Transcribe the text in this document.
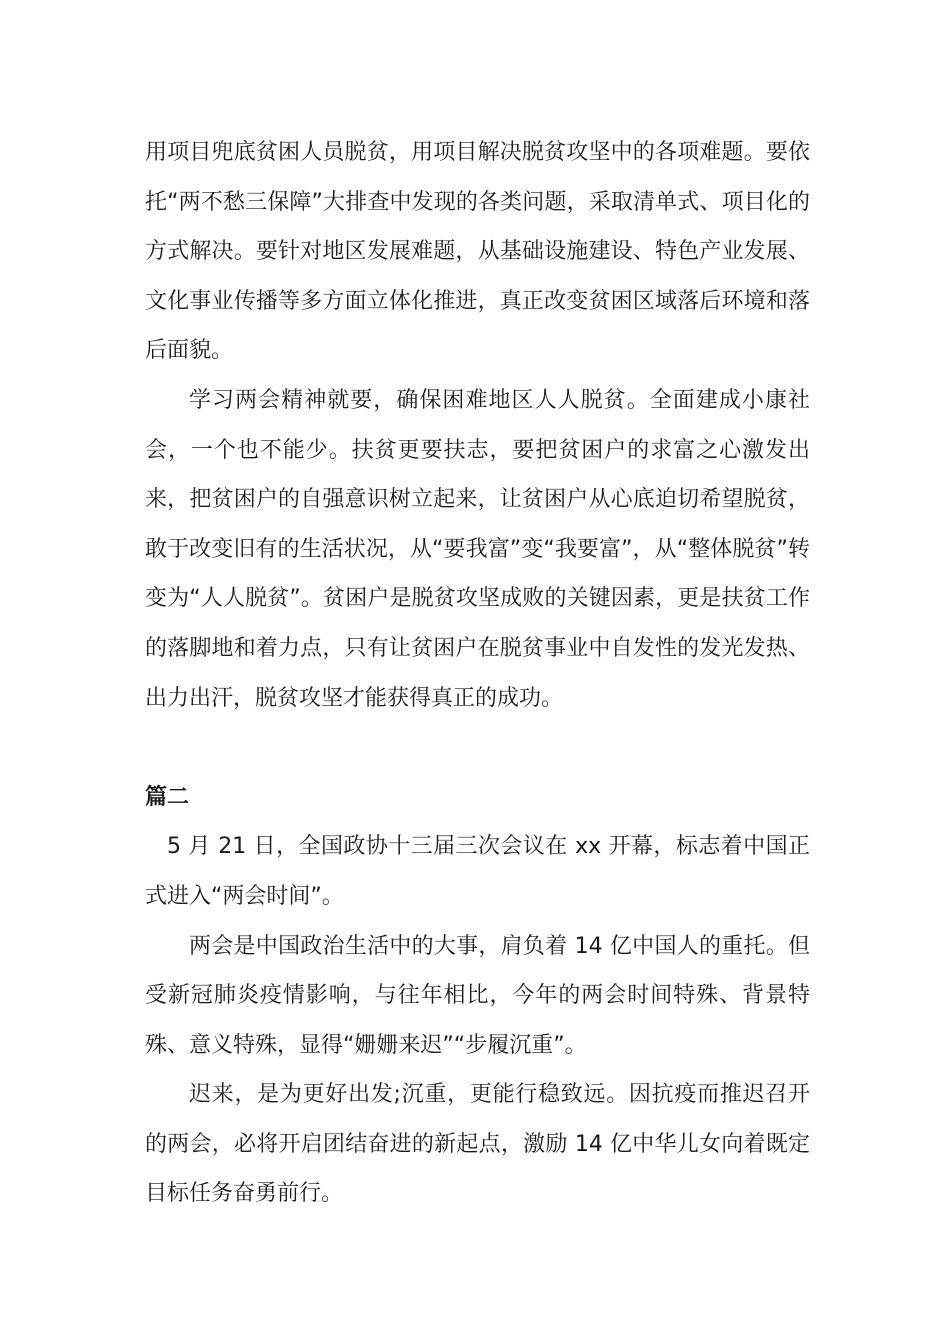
用项目兜底贫困人员脱贫，用项目解决脱贫攻坚中的各项难题。要依托“两不愁三保障”大排查中发现的各类问题，采取清单式、项目化的方式解决。要针对地区发展难题，从基础设施建设、特色产业发展、文化事业传播等多方面立体化推进，真正改变贫困区域落后环境和落后面貌。

学习两会精神就要，确保困难地区人人脱贫。全面建成小康社会，一个也不能少。扶贫更要扶志，要把贫困户的求富之心激发出来，把贫困户的自强意识树立起来，让贫困户从心底迫切希望脱贫，敢于改变旧有的生活状况，从“要我富”变“我要富”，从“整体脱贫”转变为“人人脱贫”。贫困户是脱贫攻坚成败的关键因素，更是扶贫工作的落脚地和着力点，只有让贫困户在脱贫事业中自发性的发光发热、出力出汗，脱贫攻坚才能获得真正的成功。

篇二

5 月 21 日，全国政协十三届三次会议在 xx 开幕，标志着中国正式进入“两会时间”。

两会是中国政治生活中的大事，肩负着 14 亿中国人的重托。但受新冠肺炎疫情影响，与往年相比，今年的两会时间特殊、背景特殊、意义特殊，显得“姗姗来迟”“步履沉重”。

迟来，是为更好出发;沉重，更能行稳致远。因抗疫而推迟召开的两会，必将开启团结奋进的新起点，激励 14 亿中华儿女向着既定目标任务奋勇前行。
